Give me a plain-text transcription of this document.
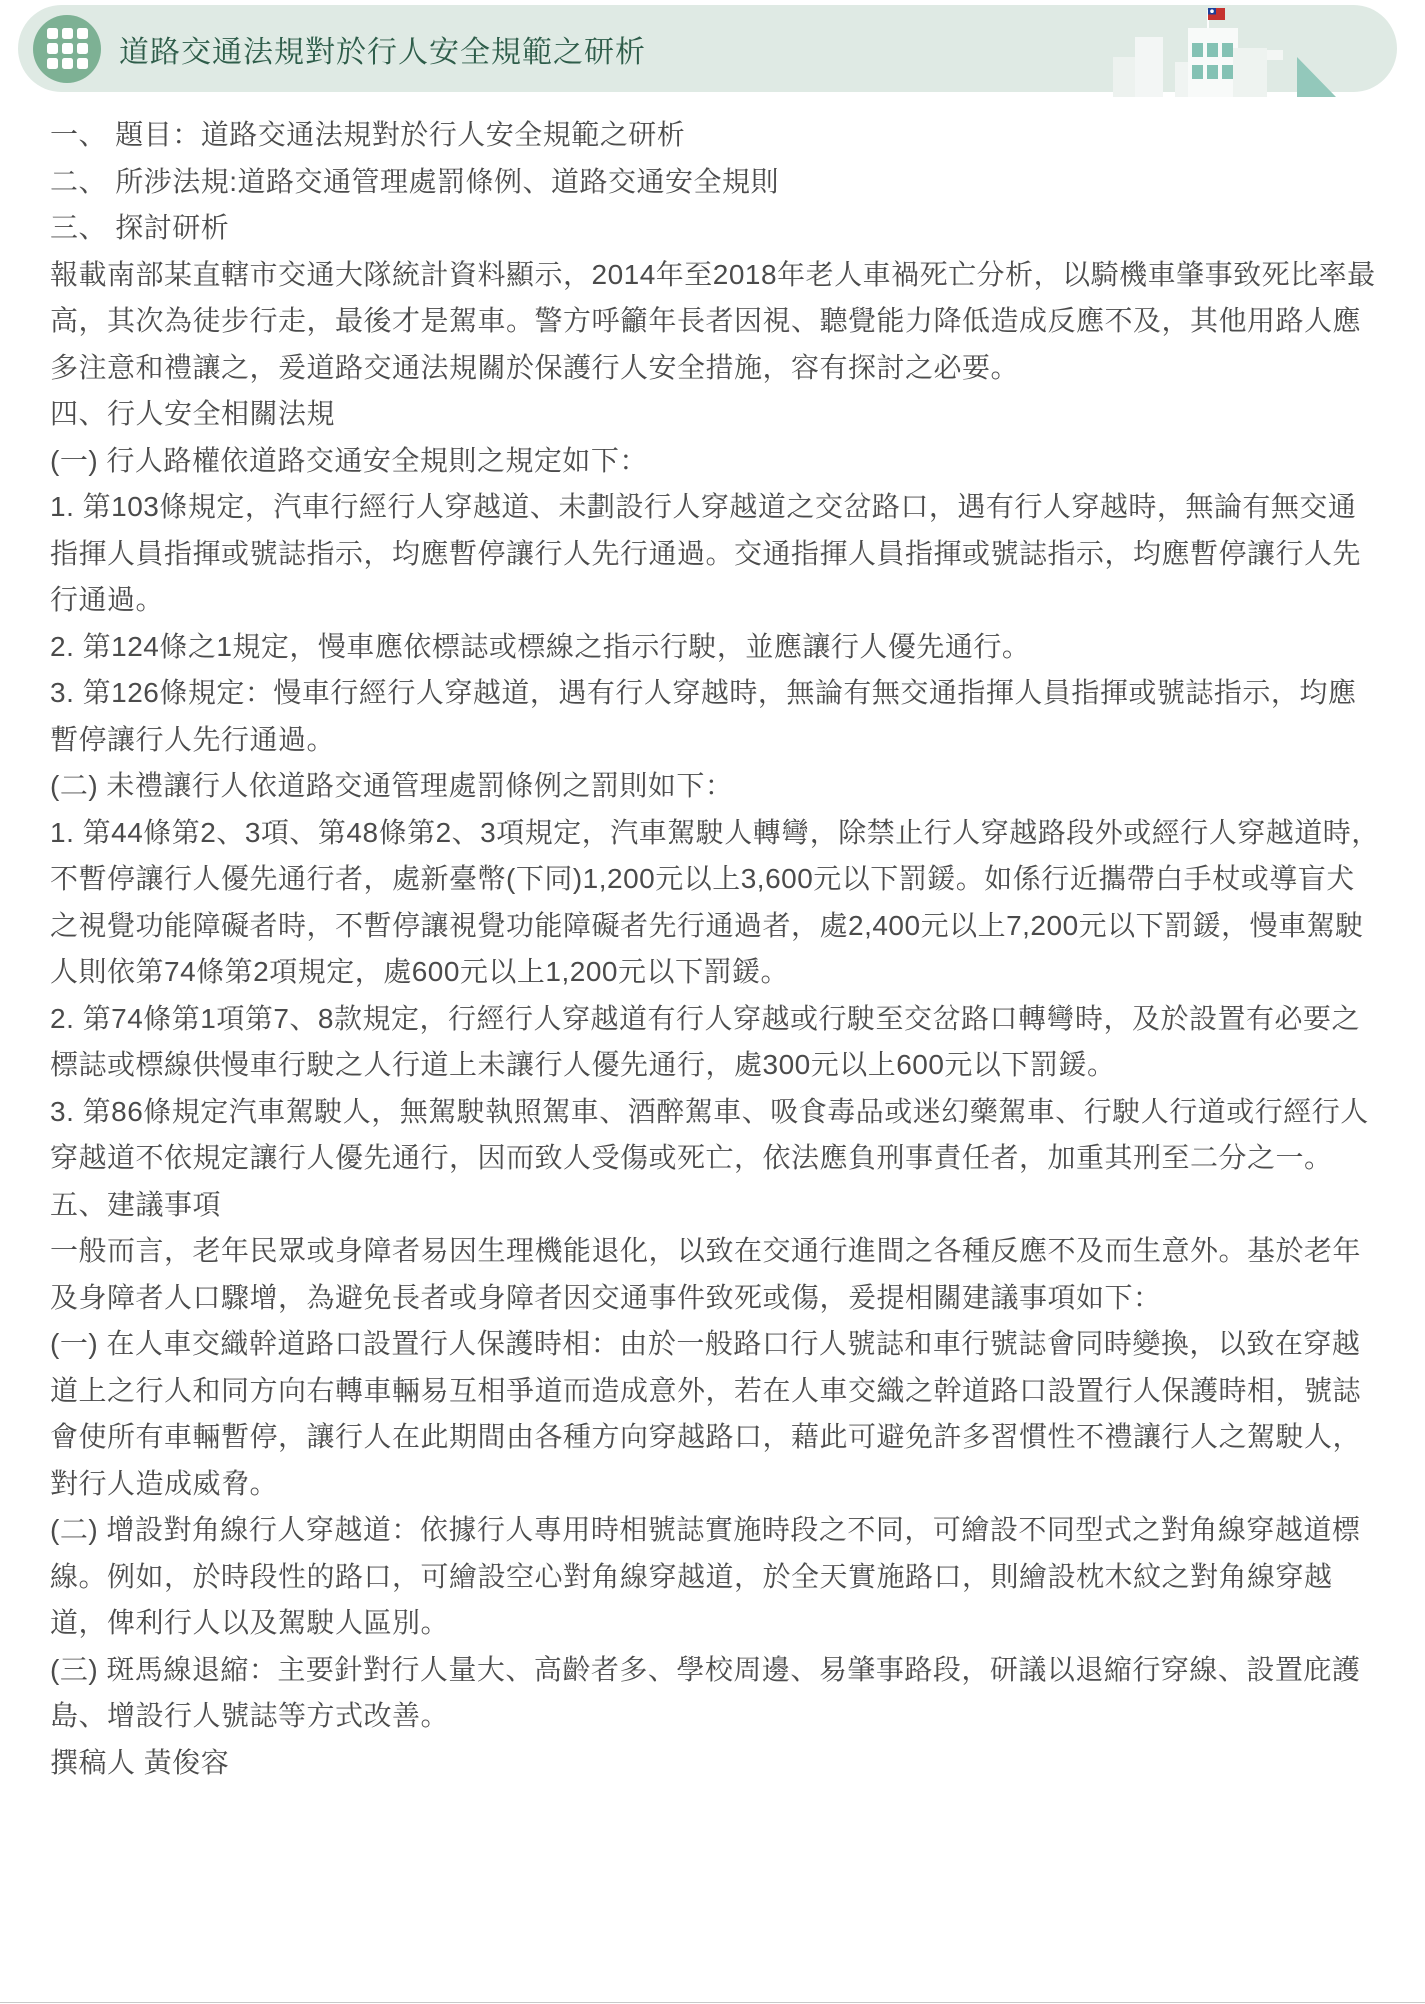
道路交通法規對於行人安全規範之研析

一、 題目：道路交通法規對於行人安全規範之研析

二、 所涉法規:道路交通管理處罰條例、道路交通安全規則

三、 探討研析

報載南部某直轄市交通大隊統計資料顯示，2014年至2018年老人車禍死亡分析，以騎機車肇事致死比率最高，其次為徒步行走，最後才是駕車。警方呼籲年長者因視、聽覺能力降低造成反應不及，其他用路人應多注意和禮讓之，爰道路交通法規關於保護行人安全措施，容有探討之必要。

四、行人安全相關法規

(一) 行人路權依道路交通安全規則之規定如下：

1. 第103條規定，汽車行經行人穿越道、未劃設行人穿越道之交岔路口，遇有行人穿越時，無論有無交通指揮人員指揮或號誌指示，均應暫停讓行人先行通過。交通指揮人員指揮或號誌指示，均應暫停讓行人先行通過。

2. 第124條之1規定，慢車應依標誌或標線之指示行駛，並應讓行人優先通行。

3. 第126條規定：慢車行經行人穿越道，遇有行人穿越時，無論有無交通指揮人員指揮或號誌指示，均應暫停讓行人先行通過。

(二) 未禮讓行人依道路交通管理處罰條例之罰則如下：

1. 第44條第2、3項、第48條第2、3項規定，汽車駕駛人轉彎，除禁止行人穿越路段外或經行人穿越道時，不暫停讓行人優先通行者，處新臺幣(下同)1,200元以上3,600元以下罰鍰。如係行近攜帶白手杖或導盲犬之視覺功能障礙者時，不暫停讓視覺功能障礙者先行通過者，處2,400元以上7,200元以下罰鍰，慢車駕駛人則依第74條第2項規定，處600元以上1,200元以下罰鍰。

2. 第74條第1項第7、8款規定，行經行人穿越道有行人穿越或行駛至交岔路口轉彎時，及於設置有必要之標誌或標線供慢車行駛之人行道上未讓行人優先通行，處300元以上600元以下罰鍰。

3. 第86條規定汽車駕駛人，無駕駛執照駕車、酒醉駕車、吸食毒品或迷幻藥駕車、行駛人行道或行經行人穿越道不依規定讓行人優先通行，因而致人受傷或死亡，依法應負刑事責任者，加重其刑至二分之一。

五、建議事項

一般而言，老年民眾或身障者易因生理機能退化，以致在交通行進間之各種反應不及而生意外。基於老年及身障者人口驟增，為避免長者或身障者因交通事件致死或傷，爰提相關建議事項如下：

(一) 在人車交織幹道路口設置行人保護時相：由於一般路口行人號誌和車行號誌會同時變換，以致在穿越道上之行人和同方向右轉車輛易互相爭道而造成意外，若在人車交織之幹道路口設置行人保護時相，號誌會使所有車輛暫停，讓行人在此期間由各種方向穿越路口，藉此可避免許多習慣性不禮讓行人之駕駛人，對行人造成威脅。

(二) 增設對角線行人穿越道：依據行人專用時相號誌實施時段之不同，可繪設不同型式之對角線穿越道標線。例如，於時段性的路口，可繪設空心對角線穿越道，於全天實施路口，則繪設枕木紋之對角線穿越道，俾利行人以及駕駛人區別。

(三) 斑馬線退縮：主要針對行人量大、高齡者多、學校周邊、易肇事路段，研議以退縮行穿線、設置庇護島、增設行人號誌等方式改善。

撰稿人 黃俊容
